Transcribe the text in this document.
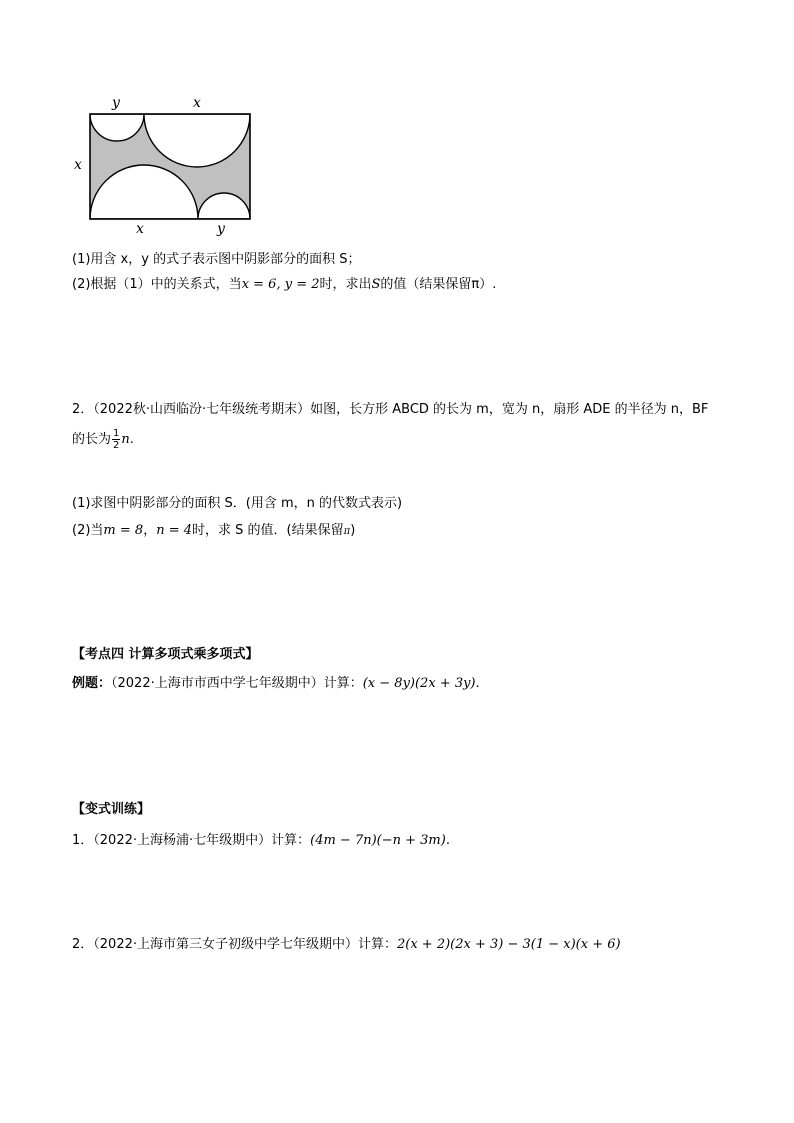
y	x
x
x	y
(1)用含 x，y 的式子表示图中阴影部分的面积 S；
(2)根据（1）中的关系式，当x = 6, y = 2时，求出S的值（结果保留π）.
2．（2022秋·山西临汾·七年级统考期末）如图，长方形 ABCD 的长为 m，宽为 n，扇形 ADE 的半径为 n，BF
的长为 $\frac{1}{2} n$.
(1)求图中阴影部分的面积 S．(用含 m，n 的代数式表示)
(2)当m = 8，n = 4时，求 S 的值．(结果保留π)
【考点四 计算多项式乘多项式】
例题：（2022·上海市市西中学七年级期中）计算：(x − 8y)(2x + 3y).
【变式训练】
1．（2022·上海杨浦·七年级期中）计算：(4m − 7n)(−n + 3m).
2．（2022·上海市第三女子初级中学七年级期中）计算：2(x + 2)(2x + 3) − 3(1 − x)(x + 6)
